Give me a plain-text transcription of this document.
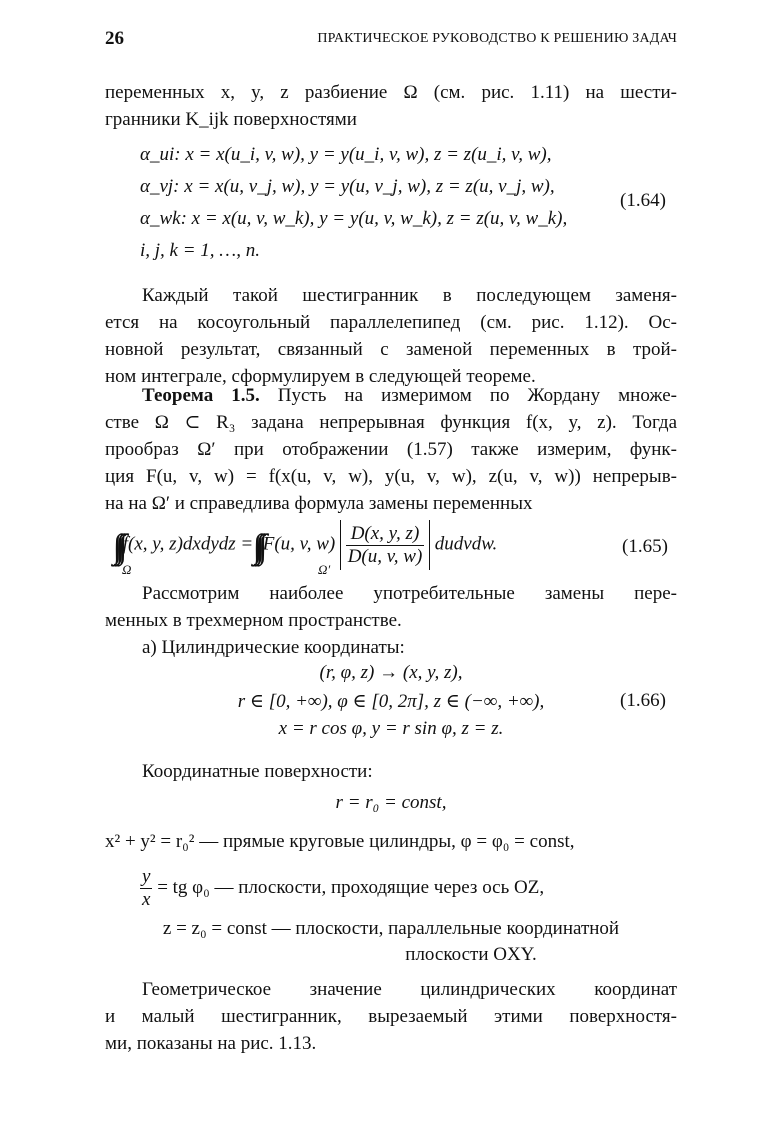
26	ПРАКТИЧЕСКОЕ РУКОВОДСТВО К РЕШЕНИЮ ЗАДАЧ
переменных x, y, z разбиение Ω (см. рис. 1.11) на шести-
гранники K_ijk поверхностями
α_ui: x = x(u_i, v, w), y = y(u_i, v, w), z = z(u_i, v, w),
α_vj: x = x(u, v_j, w), y = y(u, v_j, w), z = z(u, v_j, w),
α_wk: x = x(u, v, w_k), y = y(u, v, w_k), z = z(u, v, w_k),
i, j, k = 1, …, n.
(1.64)
Каждый такой шестигранник в последующем заменя-
ется на косоугольный параллелепипед (см. рис. 1.12). Ос-
новной результат, связанный с заменой переменных в трой-
ном интеграле, сформулируем в следующей теореме.
Теорема 1.5. Пусть на измеримом по Жордану множе-
стве Ω ⊂ R₃ задана непрерывная функция f(x, y, z). Тогда
прообраз Ω′ при отображении (1.57) также измерим, функ-
ция F(u, v, w) = f(x(u, v, w), y(u, v, w), z(u, v, w)) непрерыв-
на на Ω′ и справедлива формула замены переменных
f(x, y, z)dxdydz = F(u, v, $w) \frac{D(x, y, z)}{D(u, v, w)}$ dudvdw.
Ω	Ω′
(1.65)
Рассмотрим наиболее употребительные замены пере-
менных в трехмерном пространстве.
а) Цилиндрические координаты:
(r, φ, z) → (x, y, z),
r ∈ [0, +∞), φ ∈ [0, 2π], z ∈ (−∞, +∞),
x = r cos φ, y = r sin φ, z = z.
(1.66)
Координатные поверхности:
r = r₀ = const,
x² + y² = r₀² — прямые круговые цилиндры, φ = φ₀ = const,
$\frac{y}{x}$ = tg φ₀ — плоскости, проходящие через ось OZ,
z = z₀ = const — плоскости, параллельные координатной
плоскости OXY.
Геометрическое значение цилиндрических координат
и малый шестигранник, вырезаемый этими поверхностя-
ми, показаны на рис. 1.13.
